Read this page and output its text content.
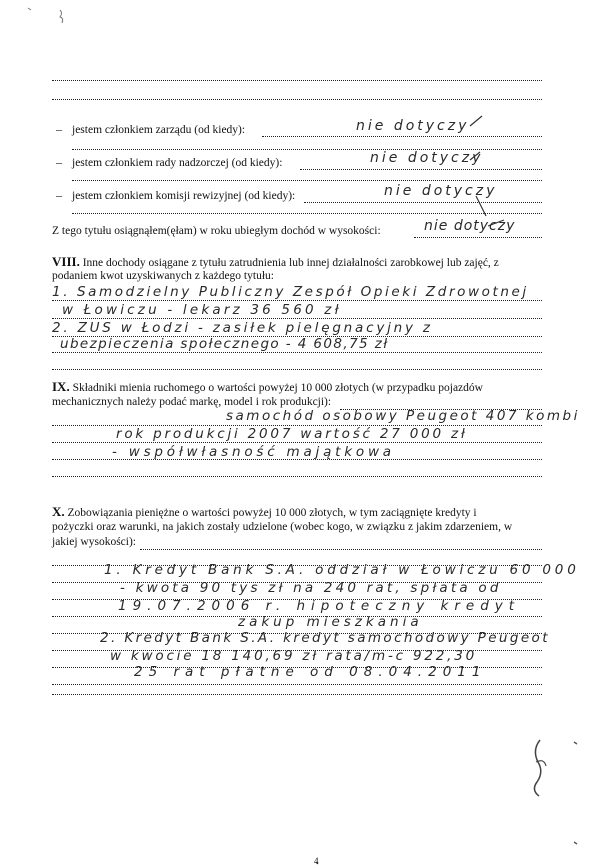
– jestem członkiem zarządu (od kiedy):	nie dotyczy
– jestem członkiem rady nadzorczej (od kiedy):	nie dotyczy
– jestem członkiem komisji rewizyjnej (od kiedy):	nie dotyczy
Z tego tytułu osiągnąłem(ęłam) w roku ubiegłym dochód w wysokości:	nie dotyczy
VIII. Inne dochody osiągane z tytułu zatrudnienia lub innej działalności zarobkowej lub zajęć, z
podaniem kwot uzyskiwanych z każdego tytułu:
1. Samodzielny Publiczny Zespół Opieki Zdrowotnej
w Łowiczu - lekarz 36 560 zł
2. ZUS w Łodzi - zasiłek pielęgnacyjny z
ubezpieczenia społecznego - 4 608,75 zł
IX. Składniki mienia ruchomego o wartości powyżej 10 000 złotych (w przypadku pojazdów
mechanicznych należy podać markę, model i rok produkcji):
samochód osobowy Peugeot 407 kombi
rok produkcji 2007 wartość 27 000 zł
- współwłasność majątkowa
X. Zobowiązania pieniężne o wartości powyżej 10 000 złotych, w tym zaciągnięte kredyty i
pożyczki oraz warunki, na jakich zostały udzielone (wobec kogo, w związku z jakim zdarzeniem, w
jakiej wysokości):
1. Kredyt Bank S.A. oddział w Łowiczu 60 000
- kwota 90 tys zł na 240 rat, spłata od
19.07.2006 r. hipoteczny kredyt
zakup mieszkania
2. Kredyt Bank S.A. kredyt samochodowy Peugeot
w kwocie 18 140,69 zł rata/m-c 922,30
25 rat płatne od 08.04.2011
4
